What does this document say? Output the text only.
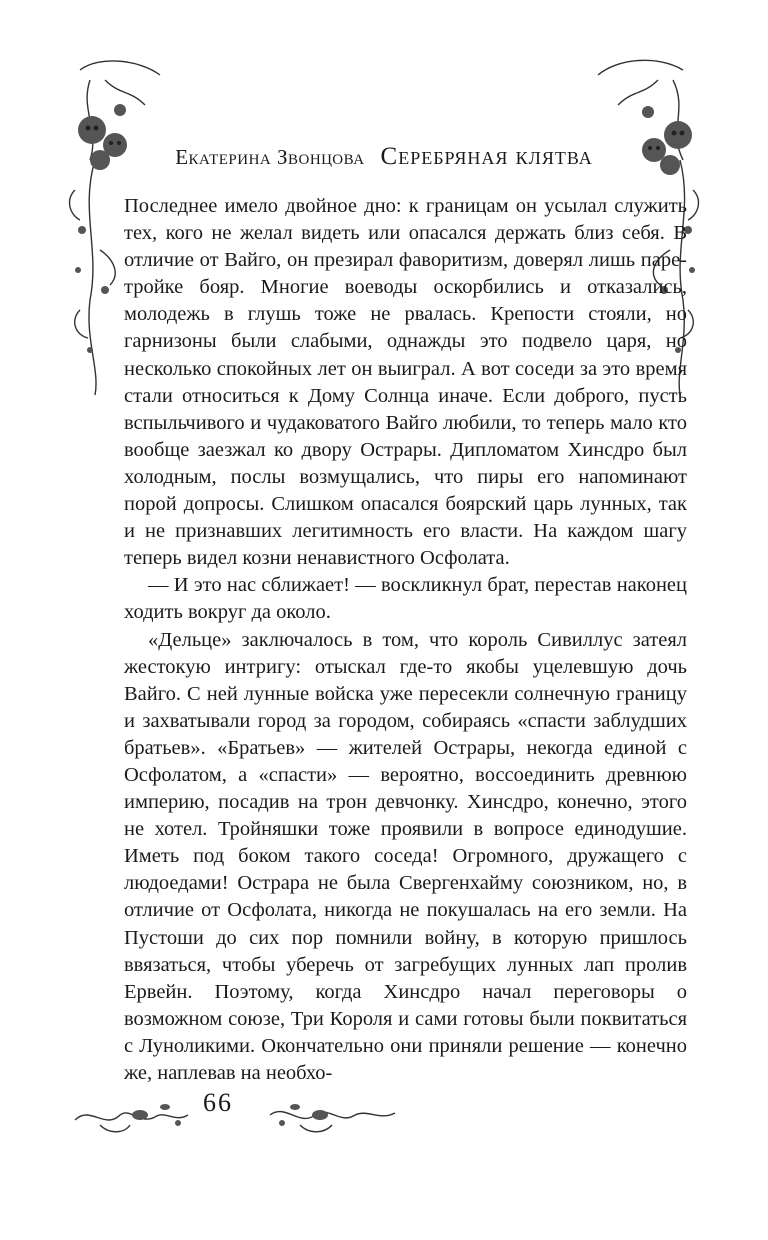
Екатерина Звонцова Серебряная клятва

Последнее имело двойное дно: к границам он усылал служить тех, кого не желал видеть или опасался держать близ себя. В отличие от Вайго, он презирал фаворитизм, доверял лишь паре-тройке бояр. Многие воеводы оскорбились и отказались, молодежь в глушь тоже не рвалась. Крепости стояли, но гарнизоны были слабыми, однажды это подвело царя, но несколько спокойных лет он выиграл. А вот соседи за это время стали относиться к Дому Солнца иначе. Если доброго, пусть вспыльчивого и чудаковатого Вайго любили, то теперь мало кто вообще заезжал ко двору Острары. Дипломатом Хинсдро был холодным, послы возмущались, что пиры его напоминают порой допросы. Слишком опасался боярский царь лунных, так и не признавших легитимность его власти. На каждом шагу теперь видел козни ненавистного Осфолата.

— И это нас сближает! — воскликнул брат, перестав наконец ходить вокруг да около.

«Дельце» заключалось в том, что король Сивиллус затеял жестокую интригу: отыскал где-то якобы уцелевшую дочь Вайго. С ней лунные войска уже пересекли солнечную границу и захватывали город за городом, собираясь «спасти заблудших братьев». «Братьев» — жителей Острары, некогда единой с Осфолатом, а «спасти» — вероятно, воссоединить древнюю империю, посадив на трон девчонку. Хинсдро, конечно, этого не хотел. Тройняшки тоже проявили в вопросе единодушие. Иметь под боком такого соседа! Огромного, дружащего с людоедами! Острара не была Свергенхайму союзником, но, в отличие от Осфолата, никогда не покушалась на его земли. На Пустоши до сих пор помнили войну, в которую пришлось ввязаться, чтобы уберечь от загребущих лунных лап пролив Ервейн. Поэтому, когда Хинсдро начал переговоры о возможном союзе, Три Короля и сами готовы были поквитаться с Луноликими. Окончательно они приняли решение — конечно же, наплевав на необхо-

66
